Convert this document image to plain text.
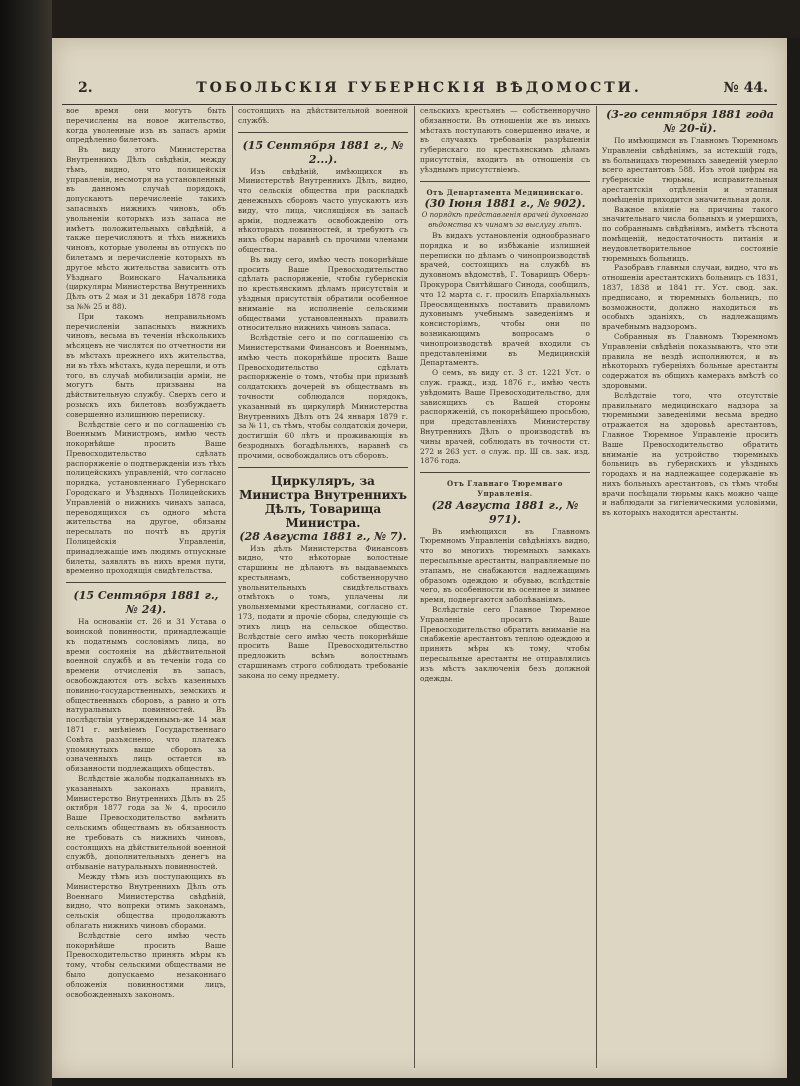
2.	ТОБОЛЬСКІЯ ГУБЕРНСКІЯ ВѢДОМОСТИ.	№ 44.

вое время они могутъ быть перечислены на новое жительство, когда уволенные изъ въ запасъ арміи опредѣленно билетомъ.

Въ виду этого Министерства Внутреннихъ Дѣлъ свѣдѣнія, между тѣмъ, видно, что полицейскія управленія, несмотря на установленный въ данномъ случаѣ порядокъ, допускаютъ перечисленіе такихъ запасныхъ нижнихъ чиновъ, объ увольненіи которыхъ изъ запаса не имѣетъ положительныхъ свѣдѣній, а также перечисляютъ и тѣхъ нижнихъ чиновъ, которые уволены въ отпускъ по билетамъ и перечисленіе которыхъ въ другое мѣсто жительства зависитъ отъ Уѣзднаго Воинскаго Начальника (циркуляры Министерства Внутреннихъ Дѣлъ отъ 2 мая и 31 декабря 1878 года за №№ 25 и 88).

При такомъ неправильномъ перечисленіи запасныхъ нижнихъ чиновъ, весьма въ теченіи нѣсколькихъ мѣсяцевъ не числятся по отчетности ни въ мѣстахъ прежнего ихъ жительства, ни въ тѣхъ мѣстахъ, куда перешли, и отъ того, въ случаѣ мобилизаціи арміи, не могутъ быть призваны на дѣйствительную службу. Сверхъ сего и розыскъ ихъ билетовъ возбуждаетъ совершенно излишнюю переписку.

Вслѣдствіе сего и по соглашенію съ Военнымъ Министромъ, имѣю честь покорнѣйше просить Ваше Превосходительство сдѣлать распоряженіе о подтвержденіи изъ тѣхъ полицейскихъ управленій, что согласно порядка, установленнаго Губернскаго Городскаго и Уѣздныхъ Полицейскихъ Управленій о нижнихъ чинахъ запаса, переводящихся съ одного мѣста жительства на другое, обязаны пересылать по почтѣ въ другія Полицейскія Управленія, принадлежащіе имъ людямъ отпускные билеты, заявлять въ нихъ время пути, временно проходящія свидѣтельства.

(15 Сентября 1881 г., № 24).

На основаніи ст. 26 и 31 Устава о воинской повинности, принадлежащіе къ податнымъ сословіямъ лица, во время состоянія на дѣйствительной военной службѣ и въ теченіи года со времени отчисленія въ запасъ, освобождаются отъ всѣхъ казенныхъ повинно-государственныхъ, земскихъ и общественныхъ сборовъ, а равно и отъ натуральныхъ повинностей. Въ послѣдствіи утвержденнымъ-же 14 мая 1871 г. мнѣніемъ Государственнаго Совѣта разъяснено, что платежъ упомянутыхъ выше сборовъ за означенныхъ лицъ остается въ обязанности подлежащихъ обществъ.

Вслѣдствіе жалобы подкапанныхъ въ указанныхъ законахъ правилъ, Министерство Внутреннихъ Дѣлъ въ 25 октября 1877 года за № 4, просило Ваше Превосходительство вмѣнить сельскимъ обществамъ въ обязанность не требовать съ нижнихъ чиновъ, состоящихъ на дѣйствительной военной службѣ, дополнительныхъ денегъ на отбываніе натуральныхъ повинностей.

Между тѣмъ изъ поступающихъ въ Министерство Внутреннихъ Дѣлъ отъ Военнаго Министерства свѣдѣній, видно, что вопреки этимъ законамъ, сельскія общества продолжаютъ облагать нижнихъ чиновъ сборами.

Вслѣдствіе сего имѣю честь покорнѣйше просить Ваше Превосходительство принять мѣры къ тому, чтобы сельскими обществами не было допускаемо незаконнаго обложенія повинностями лицъ, освобожденныхъ закономъ.

состоящихъ на дѣйствительной военной службѣ.

(15 Сентября 1881 г., № 2...).

Изъ свѣдѣній, имѣющихся въ Министерствѣ Внутреннихъ Дѣлъ, видно, что сельскія общества при раскладкѣ денежныхъ сборовъ часто упускаютъ изъ виду, что лица, числящіяся въ запасѣ арміи, подлежатъ освобожденію отъ нѣкоторыхъ повинностей, и требуютъ съ нихъ сборы наравнѣ съ прочими членами общества.

Въ виду сего, имѣю честь покорнѣйше просить Ваше Превосходительство сдѣлать распоряженіе, чтобы губернскія по крестьянскимъ дѣламъ присутствія и уѣздныя присутствія обратили особенное вниманіе на исполненіе сельскими обществами установленныхъ правилъ относительно нижнихъ чиновъ запаса.

Вслѣдствіе сего и по соглашенію съ Министерствами Финансовъ и Военнымъ, имѣю честь покорнѣйше просить Ваше Превосходительство сдѣлать распоряженіе о томъ, чтобы при призывѣ солдатскихъ дочерей въ обществамъ въ точности соблюдался порядокъ, указанный въ циркулярѣ Министерства Внутреннихъ Дѣлъ отъ 24 января 1879 г. за № 11, съ тѣмъ, чтобы солдатскія дочери, достигшія 60 лѣтъ и проживающія въ безродныхъ богадѣльняхъ, наравнѣ съ прочими, освобождались отъ сборовъ.

Циркуляръ, за Министра Внутреннихъ Дѣлъ, Товарища Министра.

(28 Августа 1881 г., № 7).

Изъ дѣлъ Министерства Финансовъ видно, что нѣкоторые волостные старшины не дѣлаютъ въ выдаваемыхъ крестьянамъ, собственноручно увольнительныхъ свидѣтельствахъ отмѣтокъ о томъ, уплачены ли увольняемыми крестьянами, согласно ст. 173, подати и прочіе сборы, следующіе съ этихъ лицъ на сельское общество. Вслѣдствіе сего имѣю честь покорнѣйше просить Ваше Превосходительство предложить всѣмъ волостнымъ старшинамъ строго соблюдать требованіе закона по сему предмету.

сельскихъ крестьянъ — собственноручно обязанности. Въ отношеніи же въ иныхъ мѣстахъ поступаютъ совершенно иначе, и въ случаяхъ требованія разрѣшенія губернскаго по крестьянскимъ дѣламъ присутствія, входитъ въ отношенія съ уѣзднымъ присутствіемъ.

Отъ Департамента Медицинскаго.

(30 Іюня 1881 г., № 902).

О порядкѣ представленія врачей духовнаго вѣдомства къ чинамъ за выслугу лѣтъ.

Въ видахъ установленія однообразнаго порядка и во избѣжаніе излишней переписки по дѣламъ о чинопроизводствѣ врачей, состоящихъ на службѣ въ духовномъ вѣдомствѣ, Г. Товарищъ Оберъ-Прокурора Святѣйшаго Синода, сообщилъ, что 12 марта с. г. просилъ Епархіальныхъ Преосвященныхъ поставить правиломъ духовнымъ учебнымъ заведеніямъ и консисторіямъ, чтобы они по возникающимъ вопросамъ о чинопроизводствѣ врачей входили съ представленіями въ Медицинскій Департаментъ.

О семъ, въ виду ст. 3 ст. 1221 Уст. о служ. гражд., изд. 1876 г., имѣю честь увѣдомить Ваше Превосходительство, для зависящихъ съ Вашей стороны распоряженій, съ покорнѣйшею просьбою, при представленіяхъ Министерству Внутреннихъ Дѣлъ о производствѣ въ чины врачей, соблюдать въ точности ст. 272 и 263 уст. о служ. пр. Ш св. зак. изд. 1876 года.

Отъ Главнаго Тюремнаго Управленія.

(28 Августа 1881 г., № 971).

Въ имѣющихся въ Главномъ Тюремномъ Управленіи свѣдѣніяхъ видно, что во многихъ тюремныхъ замкахъ пересыльные арестанты, направляемые по этапамъ, не снабжаются надлежащимъ образомъ одеждою и обувью, вслѣдствіе чего, въ особенности въ осеннее и зимнее время, подвергаются заболѣваніямъ.

Вслѣдствіе сего Главное Тюремное Управленіе проситъ Ваше Превосходительство обратить вниманіе на снабженіе арестантовъ теплою одеждою и принять мѣры къ тому, чтобы пересыльные арестанты не отправлялись изъ мѣстъ заключенія безъ должной одежды.

(3-го сентября 1881 года № 20-й).

По имѣющимся въ Главномъ Тюремномъ Управленіи свѣдѣніямъ, за истекшій годъ, въ больницахъ тюремныхъ заведеній умерло всего арестантовъ 588. Изъ этой цифры на губернскіе тюрьмы, исправительныя арестантскія отдѣленія и этапныя помѣщенія приходится значительная доля.

Важное вліяніе на причины такого значительнаго числа больныхъ и умершихъ, по собраннымъ свѣдѣніямъ, имѣетъ тѣснота помѣщеній, недостаточность питанія и неудовлетворительное состояніе тюремныхъ больницъ.

Разобравъ главныя случаи, видно, что въ отношеніи арестантскихъ больницъ съ 1831, 1837, 1838 и 1841 гг. Уст. свод. зак. предписано, и тюремныхъ больницъ, по возможности, должно находиться въ особыхъ зданіяхъ, съ надлежащимъ врачебнымъ надзоромъ.

Собранныя въ Главномъ Тюремномъ Управленіи свѣдѣнія показываютъ, что эти правила не вездѣ исполняются, и въ нѣкоторыхъ губерніяхъ больные арестанты содержатся въ общихъ камерахъ вмѣстѣ со здоровыми.

Вслѣдствіе того, что отсутствіе правильнаго медицинскаго надзора за тюремными заведеніями весьма вредно отражается на здоровьѣ арестантовъ, Главное Тюремное Управленіе проситъ Ваше Превосходительство обратить вниманіе на устройство тюремныхъ больницъ въ губернскихъ и уѣздныхъ городахъ и на надлежащее содержаніе въ нихъ больныхъ арестантовъ, съ тѣмъ чтобы врачи посѣщали тюрьмы какъ можно чаще и наблюдали за гигіеническими условіями, въ которыхъ находятся арестанты.
